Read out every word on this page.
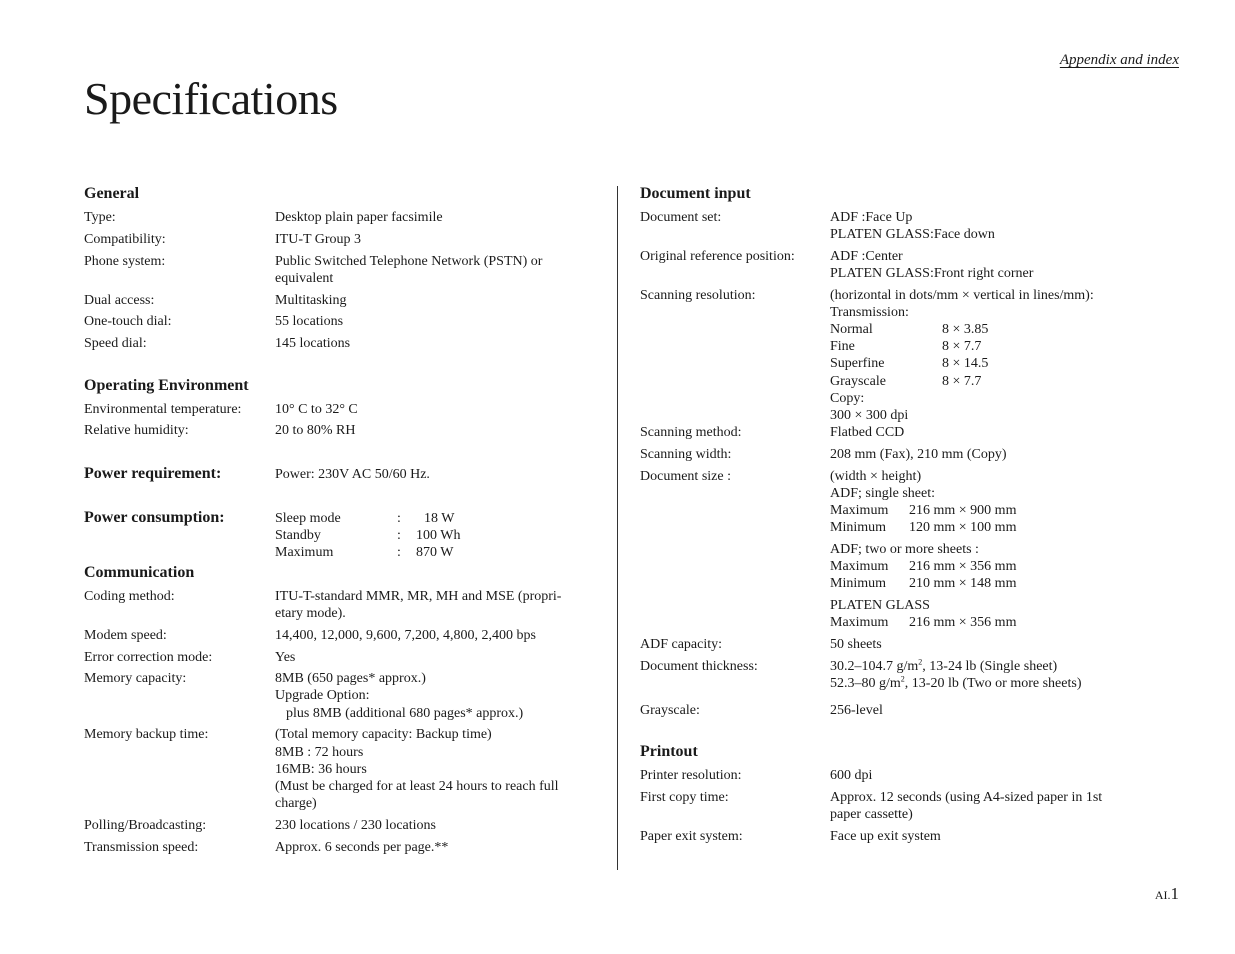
Appendix and index
Specifications
General
Type:	Desktop plain paper facsimile
Compatibility:	ITU-T Group 3
Phone system:	Public Switched Telephone Network (PSTN) or
equivalent
Dual access:	Multitasking
One-touch dial:	55 locations
Speed dial:	145 locations
Operating Environment
Environmental temperature: 10° C to 32° C
Relative humidity:	20 to 80% RH
Power requirement:	Power: 230V AC 50/60 Hz.
Power consumption:	Sleep mode	: 18 W
Standby	: 100 Wh
Maximum	: 870 W
Communication
Coding method:	ITU-T-standard MMR, MR, MH and MSE (propri-
etary mode).
Modem speed:	14,400, 12,000, 9,600, 7,200, 4,800, 2,400 bps
Error correction mode:	Yes
Memory capacity:	8MB (650 pages* approx.)
Upgrade Option:
plus 8MB (additional 680 pages* approx.)
Memory backup time:	(Total memory capacity: Backup time)
8MB : 72 hours
16MB: 36 hours
(Must be charged for at least 24 hours to reach full
charge)
Polling/Broadcasting:	230 locations / 230 locations
Transmission speed:	Approx. 6 seconds per page.**
Document input
Document set:	ADF :Face Up
PLATEN GLASS:Face down
Original reference position:	ADF :Center
PLATEN GLASS:Front right corner
Scanning resolution:	(horizontal in dots/mm × vertical in lines/mm):
Transmission:
Normal	8 × 3.85
Fine	8 × 7.7
Superfine	8 × 14.5
Grayscale	8 × 7.7
Copy:
300 × 300 dpi
Scanning method:	Flatbed CCD
Scanning width:	208 mm (Fax), 210 mm (Copy)
Document size :	(width × height)
ADF; single sheet:
Maximum 216 mm × 900 mm
Minimum 120 mm × 100 mm
ADF; two or more sheets :
Maximum 216 mm × 356 mm
Minimum 210 mm × 148 mm
PLATEN GLASS
Maximum 216 mm × 356 mm
ADF capacity:	50 sheets
Document thickness:	30.2–104.7 $g/m^2$, 13-24 lb (Single sheet)
52.3–80 $g/m^2$, 13-20 lb (Two or more sheets)
Grayscale:	256-level
Printout
Printer resolution:	600 dpi
First copy time:	Approx. 12 seconds (using A4-sized paper in 1st
paper cassette)
Paper exit system:	Face up exit system
AI.1
